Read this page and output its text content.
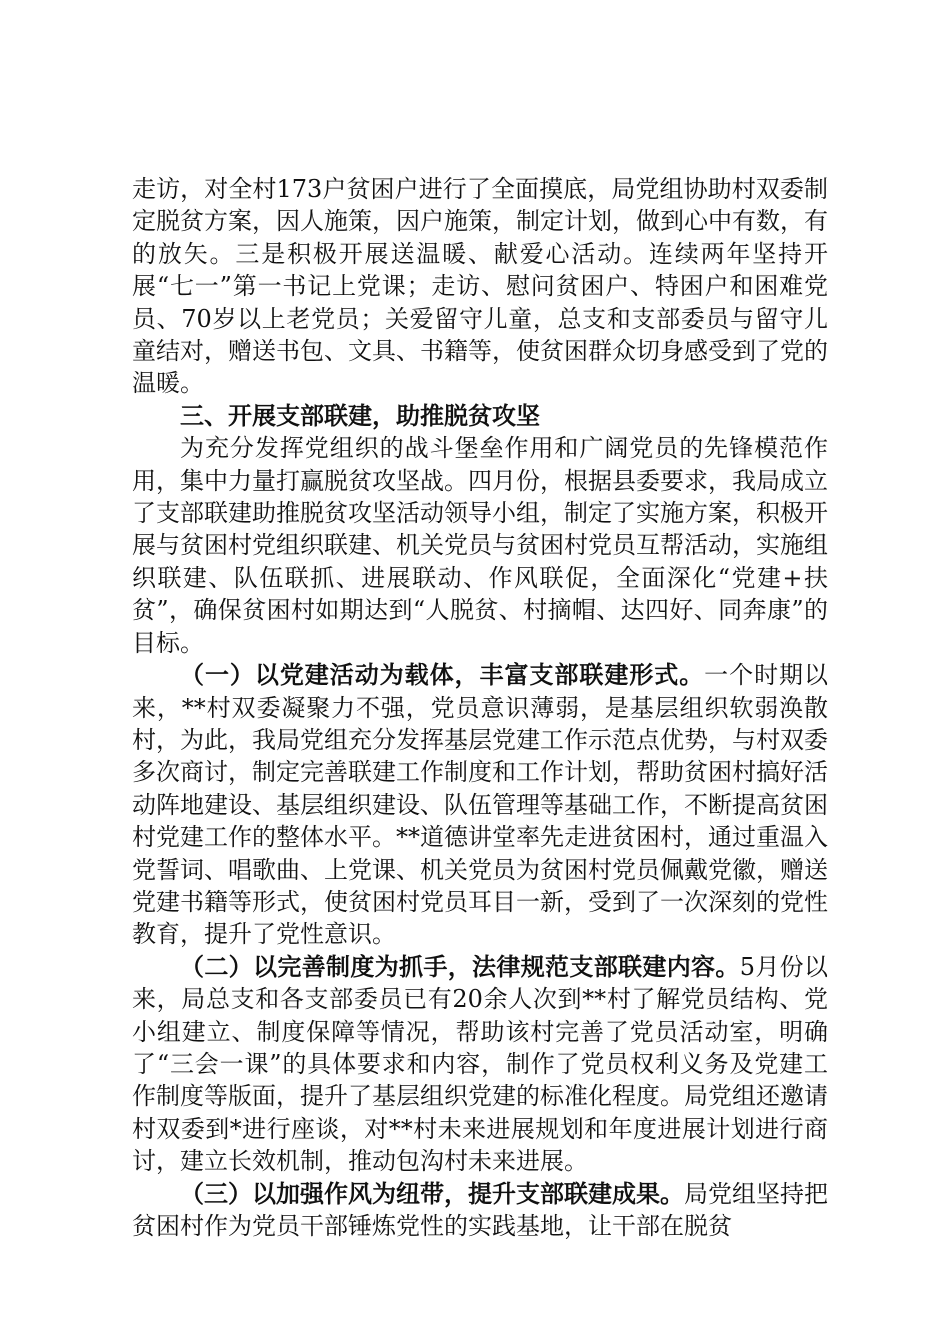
走访，对全村173户贫困户进行了全面摸底，局党组协助村双委制定脱贫方案，因人施策，因户施策，制定计划，做到心中有数，有的放矢。三是积极开展送温暖、献爱心活动。连续两年坚持开展“七一”第一书记上党课；走访、慰问贫困户、特困户和困难党员、70岁以上老党员；关爱留守儿童，总支和支部委员与留守儿童结对，赠送书包、文具、书籍等，使贫困群众切身感受到了党的温暖。

三、开展支部联建，助推脱贫攻坚

为充分发挥党组织的战斗堡垒作用和广阔党员的先锋模范作用，集中力量打赢脱贫攻坚战。四月份，根据县委要求，我局成立了支部联建助推脱贫攻坚活动领导小组，制定了实施方案，积极开展与贫困村党组织联建、机关党员与贫困村党员互帮活动，实施组织联建、队伍联抓、进展联动、作风联促，全面深化“党建+扶贫”，确保贫困村如期达到“人脱贫、村摘帽、达四好、同奔康”的目标。

（一）以党建活动为载体，丰富支部联建形式。一个时期以来，**村双委凝聚力不强，党员意识薄弱，是基层组织软弱涣散村，为此，我局党组充分发挥基层党建工作示范点优势，与村双委多次商讨，制定完善联建工作制度和工作计划，帮助贫困村搞好活动阵地建设、基层组织建设、队伍管理等基础工作，不断提高贫困村党建工作的整体水平。**道德讲堂率先走进贫困村，通过重温入党誓词、唱歌曲、上党课、机关党员为贫困村党员佩戴党徽，赠送党建书籍等形式，使贫困村党员耳目一新，受到了一次深刻的党性教育，提升了党性意识。

（二）以完善制度为抓手，法律规范支部联建内容。5月份以来，局总支和各支部委员已有20余人次到**村了解党员结构、党小组建立、制度保障等情况，帮助该村完善了党员活动室，明确了“三会一课”的具体要求和内容，制作了党员权利义务及党建工作制度等版面，提升了基层组织党建的标准化程度。局党组还邀请村双委到*进行座谈，对**村未来进展规划和年度进展计划进行商讨，建立长效机制，推动包沟村未来进展。

（三）以加强作风为纽带，提升支部联建成果。局党组坚持把贫困村作为党员干部锤炼党性的实践基地，让干部在脱贫
